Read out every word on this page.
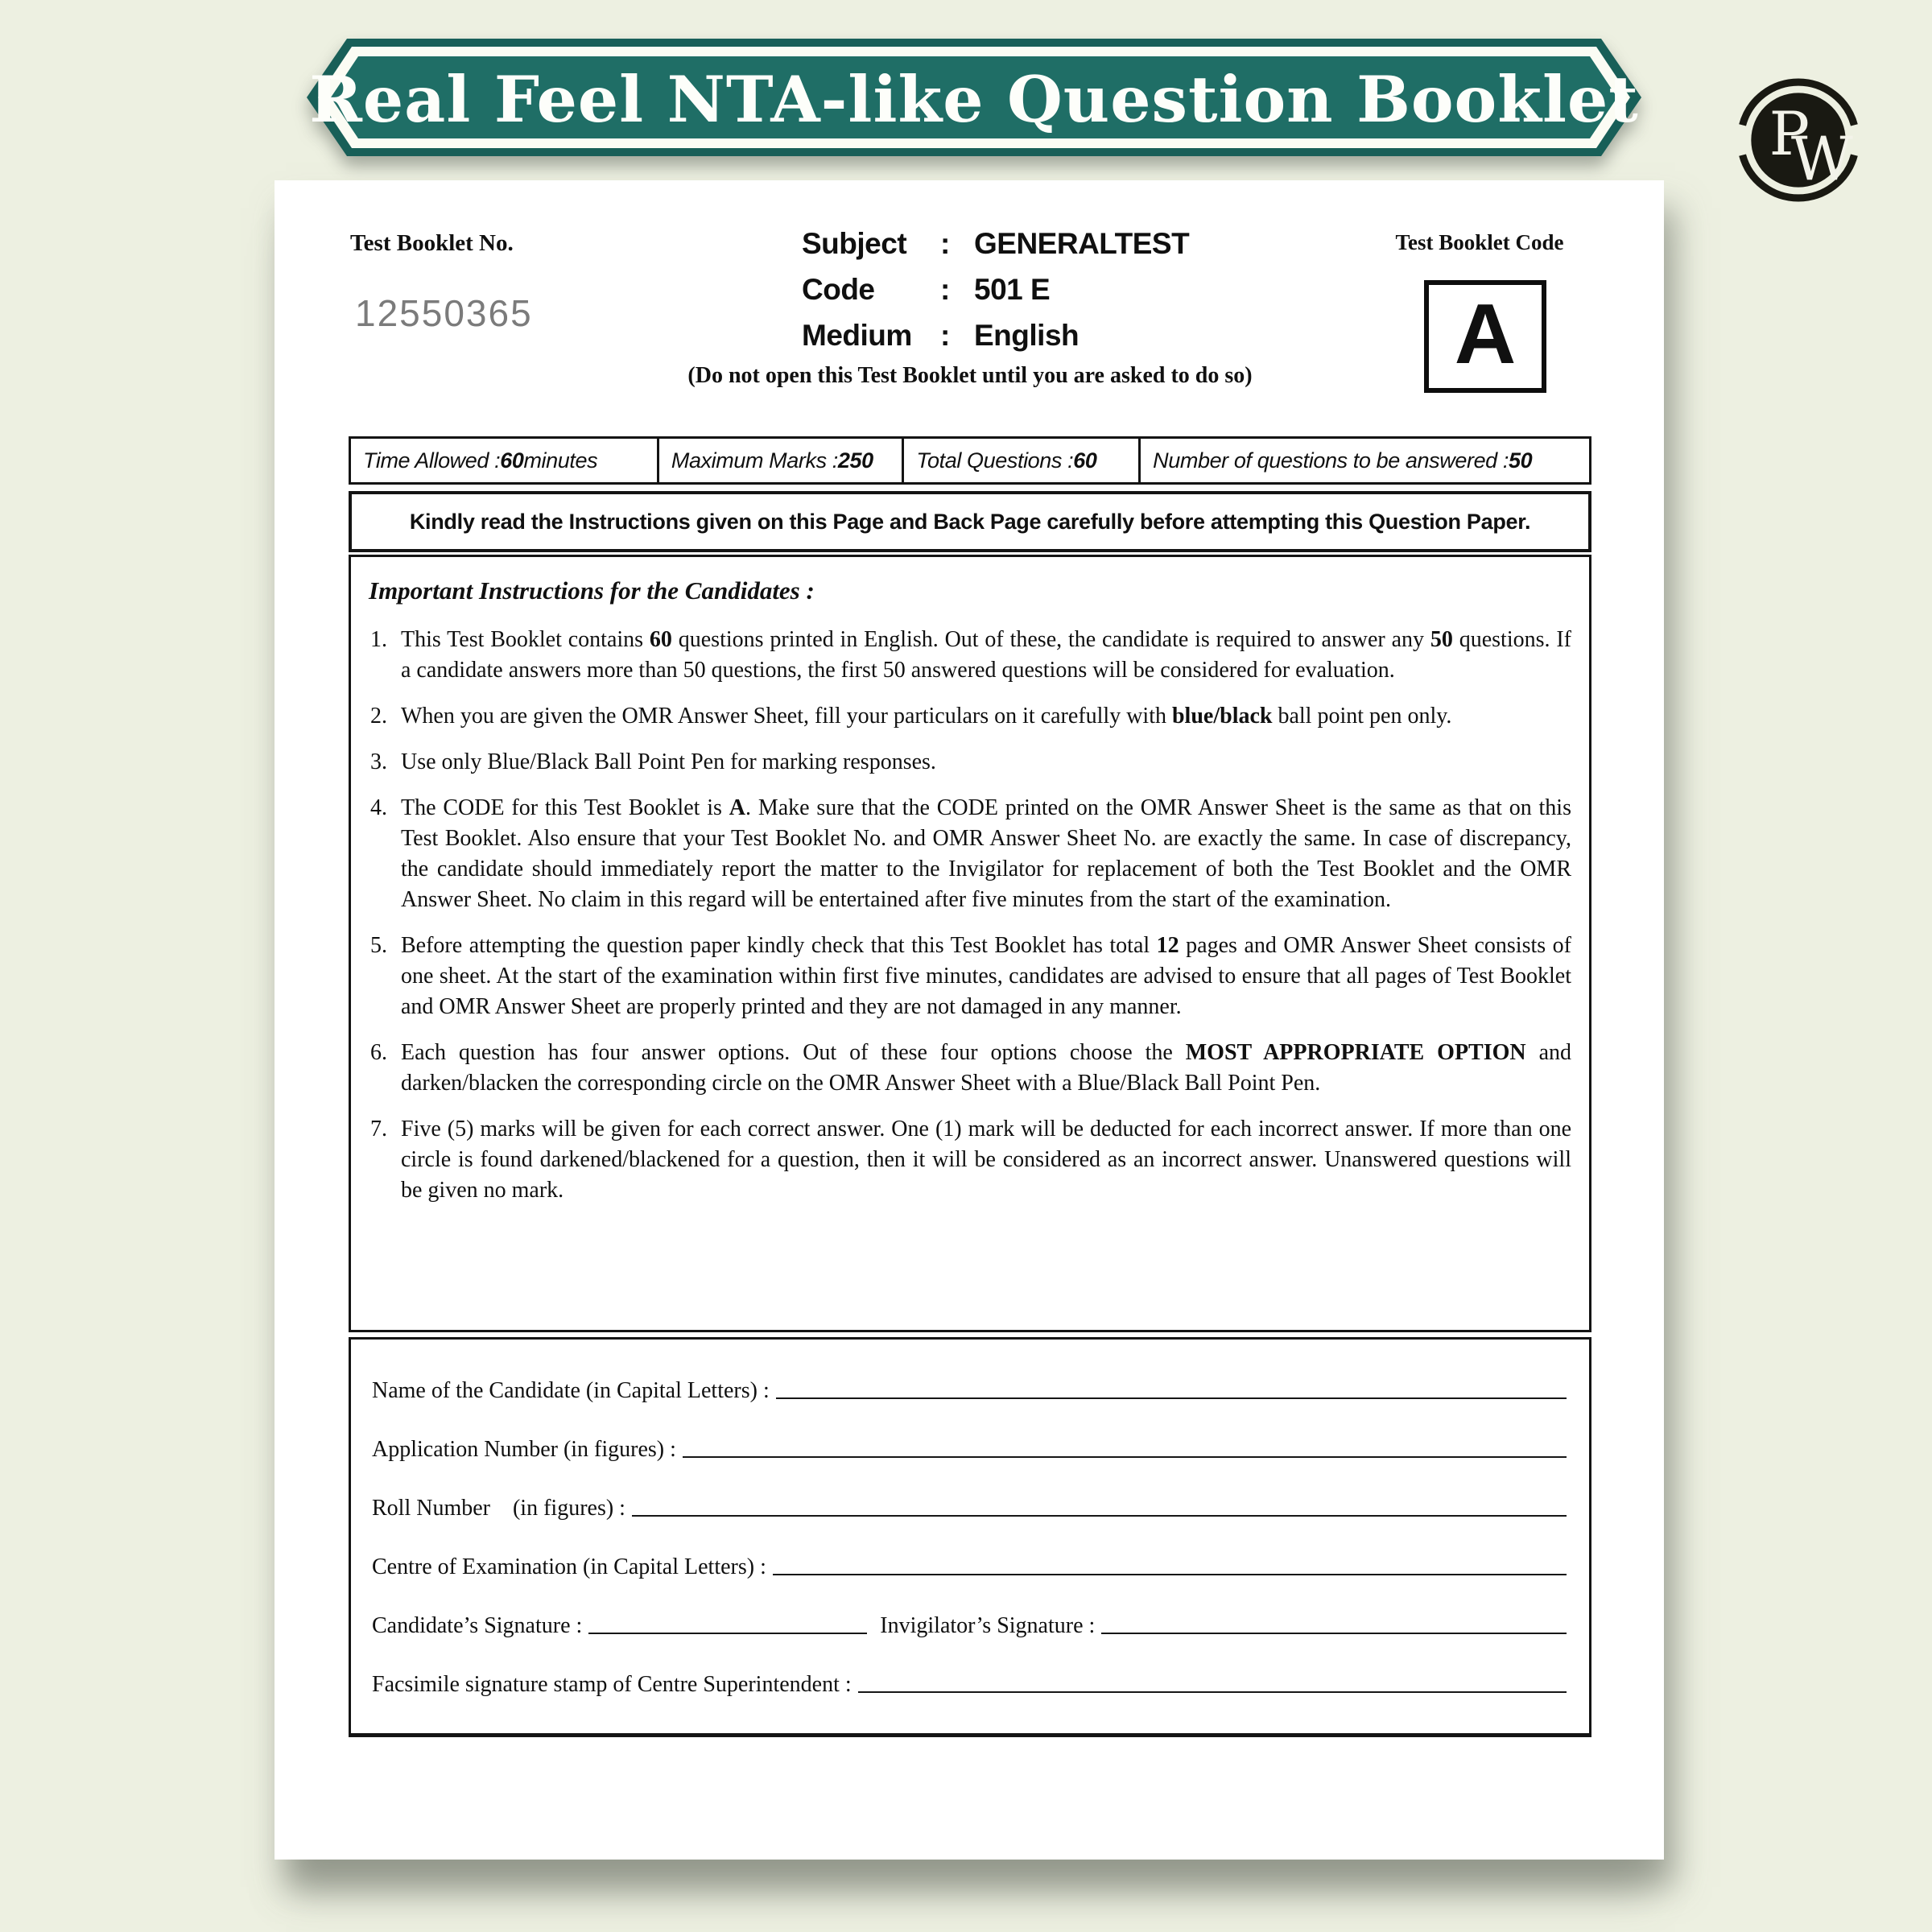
Real Feel NTA-like Question Booklet P
W
Test Booklet No.
12550365
Subject	: GENERALTEST
Code	: 501 E
Medium : English
(Do not open this Test Booklet until you are asked to do so)
Test Booklet Code
A
Time Allowed : 60 minutes	Maximum Marks : 250 Total Questions : 60	Number of questions to be answered : 50
Kindly read the Instructions given on this Page and Back Page carefully before attempting this Question Paper.
Important Instructions for the Candidates :
1. This Test Booklet contains 60 questions printed in English. Out of these, the candidate is required to answer any 50 questions. If a candidate answers more than 50 questions, the first 50 answered questions will be considered for evaluation.
2. When you are given the OMR Answer Sheet, fill your particulars on it carefully with blue/black ball point pen only.
3. Use only Blue/Black Ball Point Pen for marking responses.
4. The CODE for this Test Booklet is A. Make sure that the CODE printed on the OMR Answer Sheet is the same as that on this Test Booklet. Also ensure that your Test Booklet No. and OMR Answer Sheet No. are exactly the same. In case of discrepancy, the candidate should immediately report the matter to the Invigilator for replacement of both the Test Booklet and the OMR Answer Sheet. No claim in this regard will be entertained after five minutes from the start of the examination.
5. Before attempting the question paper kindly check that this Test Booklet has total 12 pages and OMR Answer Sheet consists of one sheet. At the start of the examination within first five minutes, candidates are advised to ensure that all pages of Test Booklet and OMR Answer Sheet are properly printed and they are not damaged in any manner.
6. Each question has four answer options. Out of these four options choose the MOST APPROPRIATE OPTION and darken/blacken the corresponding circle on the OMR Answer Sheet with a Blue/Black Ball Point Pen.
7. Five (5) marks will be given for each correct answer. One (1) mark will be deducted for each incorrect answer. If more than one circle is found darkened/blackened for a question, then it will be considered as an incorrect answer. Unanswered questions will be given no mark.
Name of the Candidate (in Capital Letters) :
Application Number (in figures) :
Roll Number    (in figures) :
Centre of Examination (in Capital Letters) :
Candidate’s Signature :	Invigilator’s Signature :
Facsimile signature stamp of Centre Superintendent :
